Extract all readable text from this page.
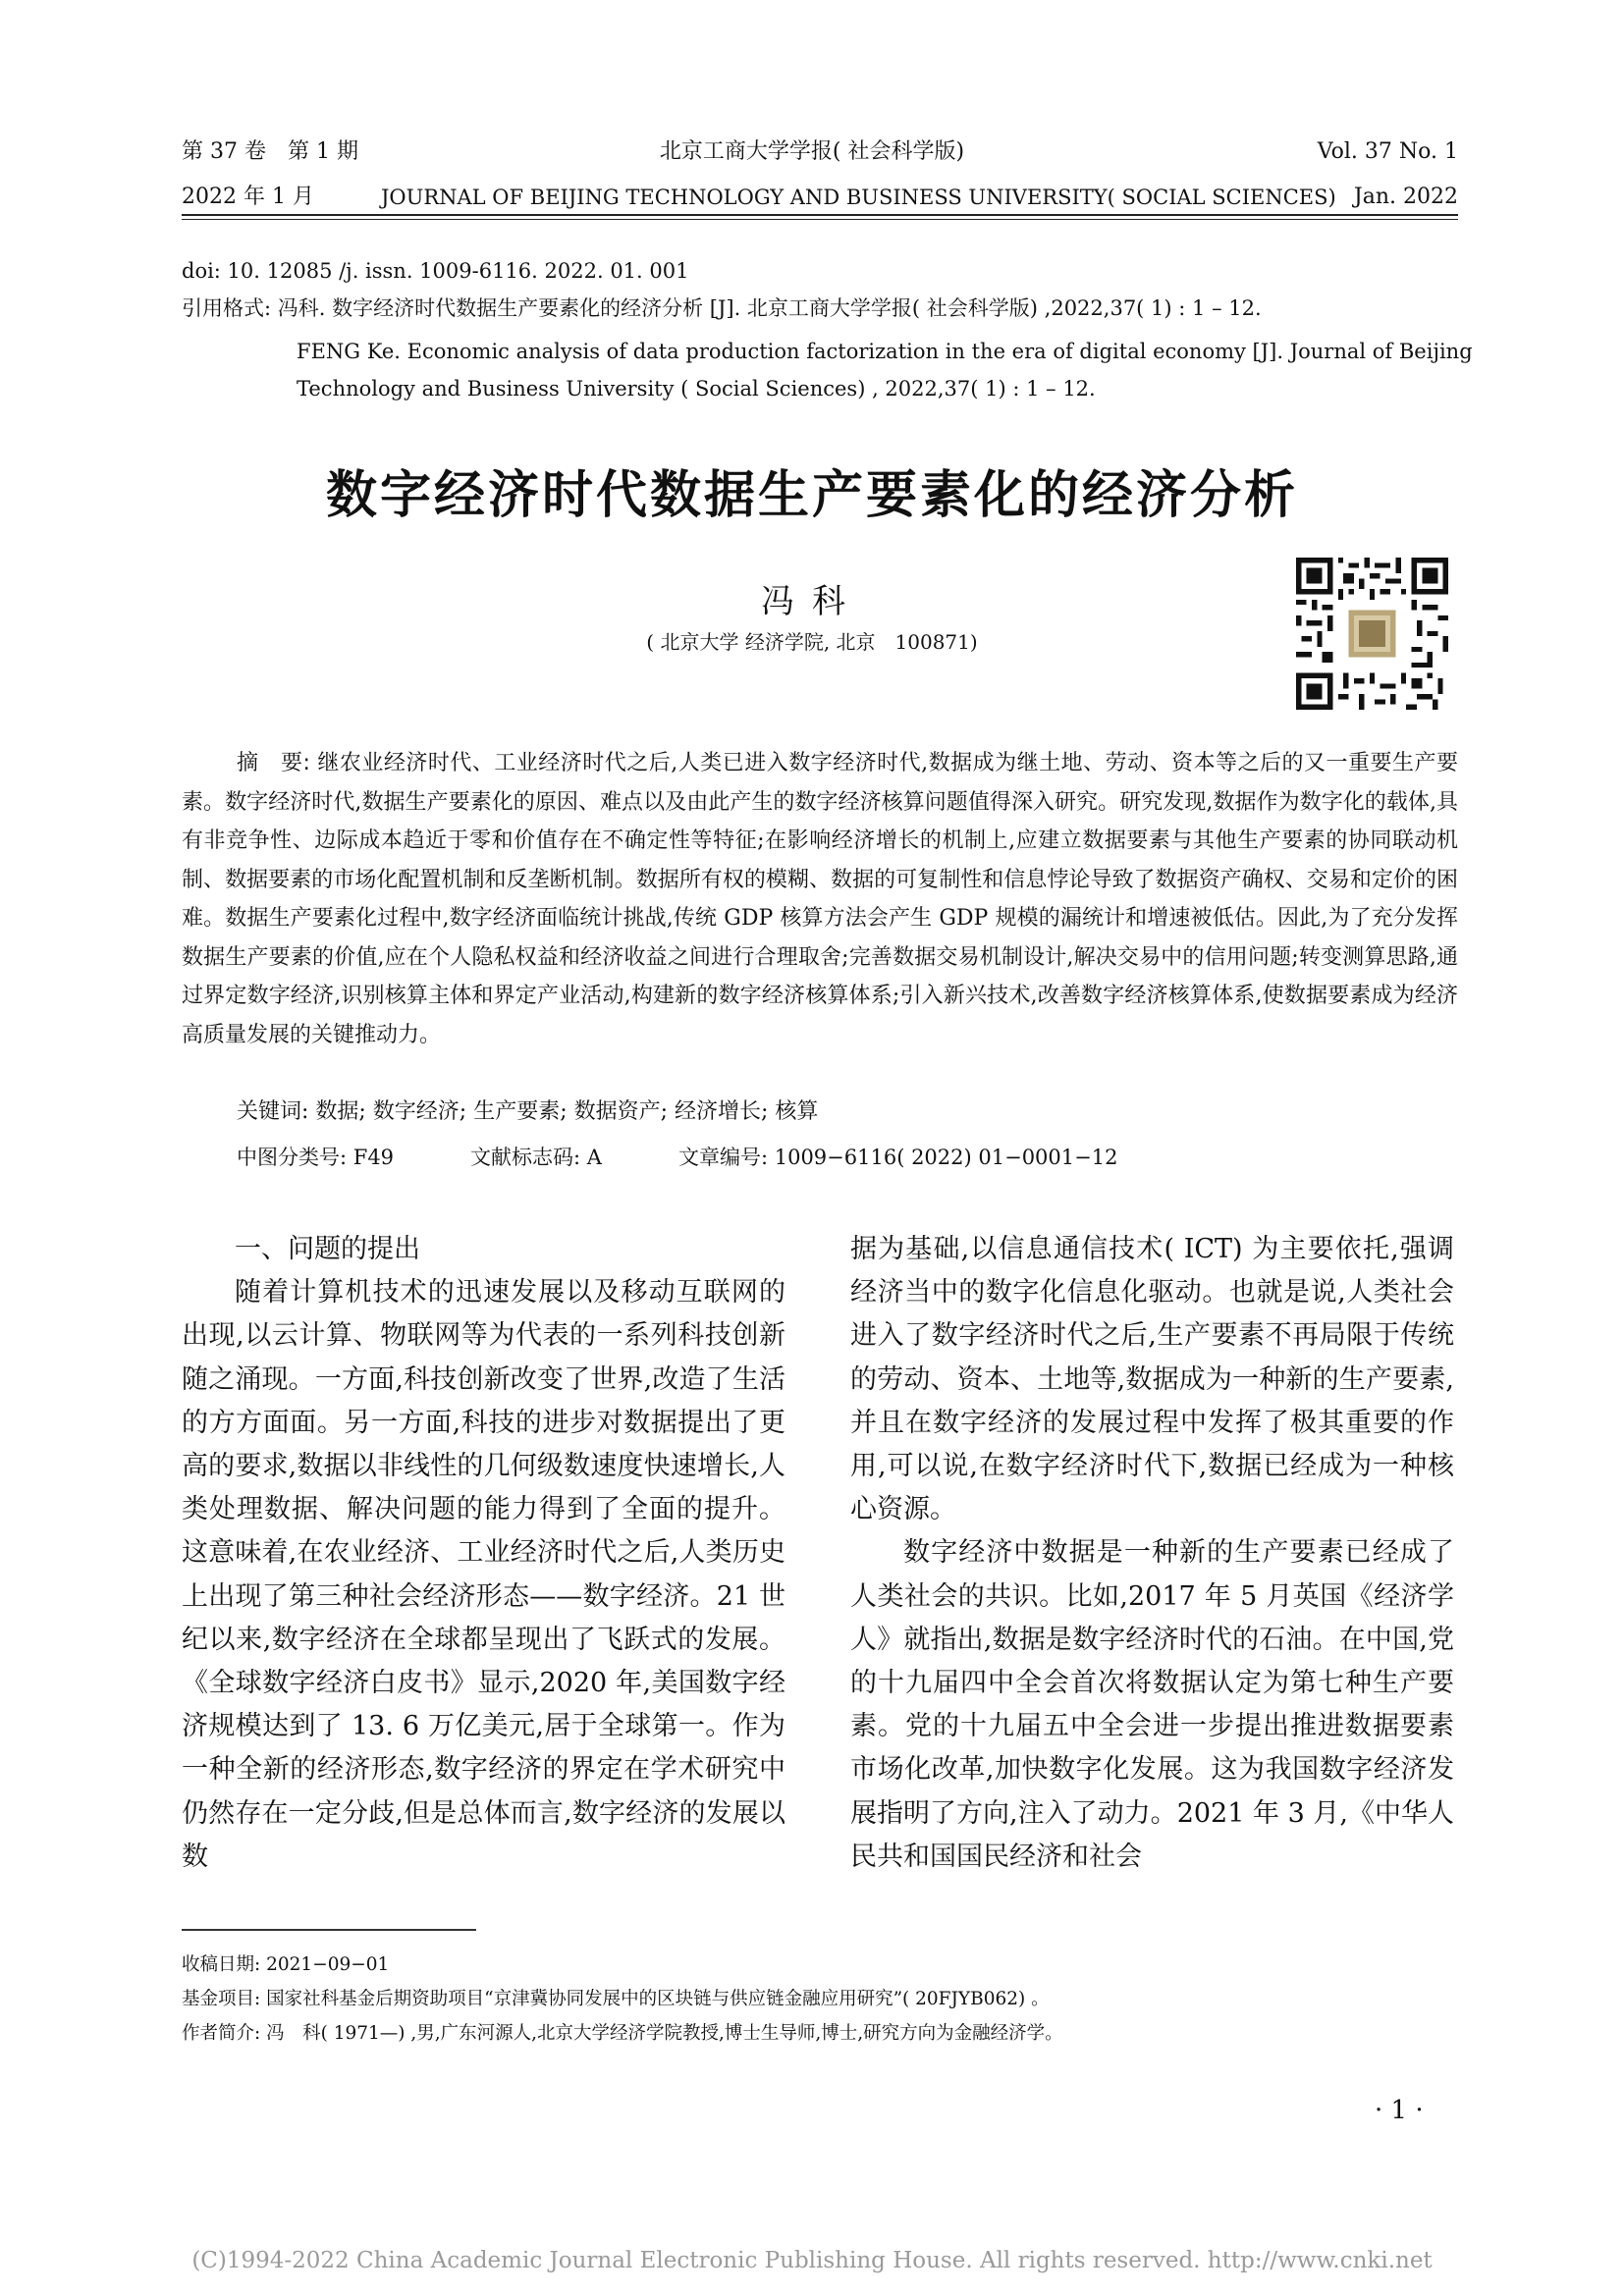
第 37 卷　第 1 期	北京工商大学学报( 社会科学版)	Vol. 37 No. 1
2022 年 1 月	JOURNAL OF BEIJING TECHNOLOGY AND BUSINESS UNIVERSITY( SOCIAL SCIENCES) Jan. 2022
doi: 10. 12085 /j. issn. 1009-6116. 2022. 01. 001
引用格式: 冯科. 数字经济时代数据生产要素化的经济分析 [J]. 北京工商大学学报( 社会科学版) ,2022,37( 1) : 1 – 12.
FENG Ke. Economic analysis of data production factorization in the era of digital economy [J]. Journal of Beijing
Technology and Business University ( Social Sciences) , 2022,37( 1) : 1 – 12.
数字经济时代数据生产要素化的经济分析
冯科
( 北京大学 经济学院, 北京　100871)
摘　要: 继农业经济时代、工业经济时代之后,人类已进入数字经济时代,数据成为继土地、劳动、资本等之后的又一重要生产要素。数字经济时代,数据生产要素化的原因、难点以及由此产生的数字经济核算问题值得深入研究。研究发现,数据作为数字化的载体,具有非竞争性、边际成本趋近于零和价值存在不确定性等特征;在影响经济增长的机制上,应建立数据要素与其他生产要素的协同联动机制、数据要素的市场化配置机制和反垄断机制。数据所有权的模糊、数据的可复制性和信息悖论导致了数据资产确权、交易和定价的困难。数据生产要素化过程中,数字经济面临统计挑战,传统 GDP 核算方法会产生 GDP 规模的漏统计和增速被低估。因此,为了充分发挥数据生产要素的价值,应在个人隐私权益和经济收益之间进行合理取舍;完善数据交易机制设计,解决交易中的信用问题;转变测算思路,通过界定数字经济,识别核算主体和界定产业活动,构建新的数字经济核算体系;引入新兴技术,改善数字经济核算体系,使数据要素成为经济高质量发展的关键推动力。
关键词: 数据; 数字经济; 生产要素; 数据资产; 经济增长; 核算
中图分类号: F49	文献标志码: A	文章编号: 1009−6116( 2022) 01−0001−12
一、问题的提出

随着计算机技术的迅速发展以及移动互联网的出现,以云计算、物联网等为代表的一系列科技创新随之涌现。一方面,科技创新改变了世界,改造了生活的方方面面。另一方面,科技的进步对数据提出了更高的要求,数据以非线性的几何级数速度快速增长,人类处理数据、解决问题的能力得到了全面的提升。这意味着,在农业经济、工业经济时代之后,人类历史上出现了第三种社会经济形态——数字经济。21 世纪以来,数字经济在全球都呈现出了飞跃式的发展。《全球数字经济白皮书》显示,2020 年,美国数字经济规模达到了 13. 6 万亿美元,居于全球第一。作为一种全新的经济形态,数字经济的界定在学术研究中仍然存在一定分歧,但是总体而言,数字经济的发展以数

据为基础,以信息通信技术( ICT) 为主要依托,强调经济当中的数字化信息化驱动。也就是说,人类社会进入了数字经济时代之后,生产要素不再局限于传统的劳动、资本、土地等,数据成为一种新的生产要素,并且在数字经济的发展过程中发挥了极其重要的作用,可以说,在数字经济时代下,数据已经成为一种核心资源。

数字经济中数据是一种新的生产要素已经成了人类社会的共识。比如,2017 年 5 月英国《经济学人》就指出,数据是数字经济时代的石油。在中国,党的十九届四中全会首次将数据认定为第七种生产要素。党的十九届五中全会进一步提出推进数据要素市场化改革,加快数字化发展。这为我国数字经济发展指明了方向,注入了动力。2021 年 3 月,《中华人民共和国国民经济和社会

收稿日期: 2021−09−01
基金项目: 国家社科基金后期资助项目“京津冀协同发展中的区块链与供应链金融应用研究”( 20FJYB062) 。
作者简介: 冯　科( 1971—) ,男,广东河源人,北京大学经济学院教授,博士生导师,博士,研究方向为金融经济学。
· 1 ·
(C)1994-2022 China Academic Journal Electronic Publishing House. All rights reserved. http://www.cnki.net
